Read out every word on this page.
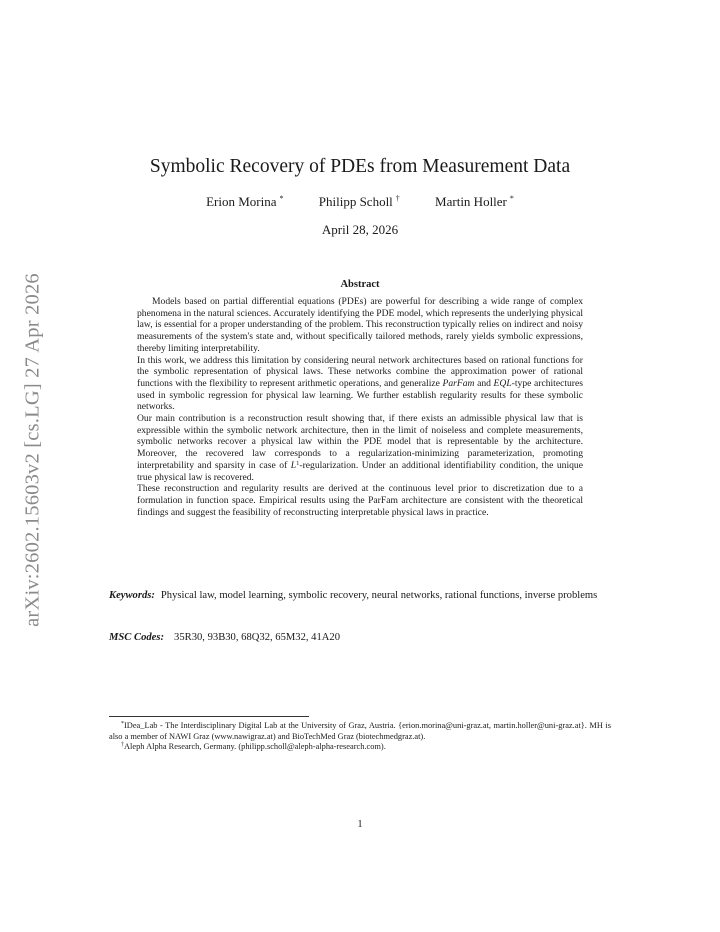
arXiv:2602.15603v2 [cs.LG] 27 Apr 2026
Symbolic Recovery of PDEs from Measurement Data
Erion Morina *	Philipp Scholl †	Martin Holler *
April 28, 2026
Abstract

Models based on partial differential equations (PDEs) are powerful for describing a wide range of complex phenomena in the natural sciences. Accurately identifying the PDE model, which represents the underlying physical law, is essential for a proper understanding of the problem. This reconstruction typically relies on indirect and noisy measurements of the system's state and, without specifically tailored methods, rarely yields symbolic expressions, thereby limiting interpretability.

In this work, we address this limitation by considering neural network architectures based on rational functions for the symbolic representation of physical laws. These networks combine the approximation power of rational functions with the flexibility to represent arithmetic operations, and generalize ParFam and EQL-type architectures used in symbolic regression for physical law learning. We further establish regularity results for these symbolic networks.

Our main contribution is a reconstruction result showing that, if there exists an admissible physical law that is expressible within the symbolic network architecture, then in the limit of noiseless and complete measurements, symbolic networks recover a physical law within the PDE model that is representable by the architecture. Moreover, the recovered law corresponds to a regularization-minimizing parameterization, promoting interpretability and sparsity in case of $L^1$-regularization. Under an additional identifiability condition, the unique true physical law is recovered.

These reconstruction and regularity results are derived at the continuous level prior to discretization due to a formulation in function space. Empirical results using the ParFam architecture are consistent with the theoretical findings and suggest the feasibility of reconstructing interpretable physical laws in practice.

Keywords: Physical law, model learning, symbolic recovery, neural networks, rational functions, inverse problems
MSC Codes: 35R30, 93B30, 68Q32, 65M32, 41A20

*IDea_Lab - The Interdisciplinary Digital Lab at the University of Graz, Austria. {erion.morina@uni-graz.at, martin.holler@uni-graz.at}. MH is also a member of NAWI Graz (www.nawigraz.at) and BioTechMed Graz (biotechmedgraz.at).

†Aleph Alpha Research, Germany. (philipp.scholl@aleph-alpha-research.com).

1
